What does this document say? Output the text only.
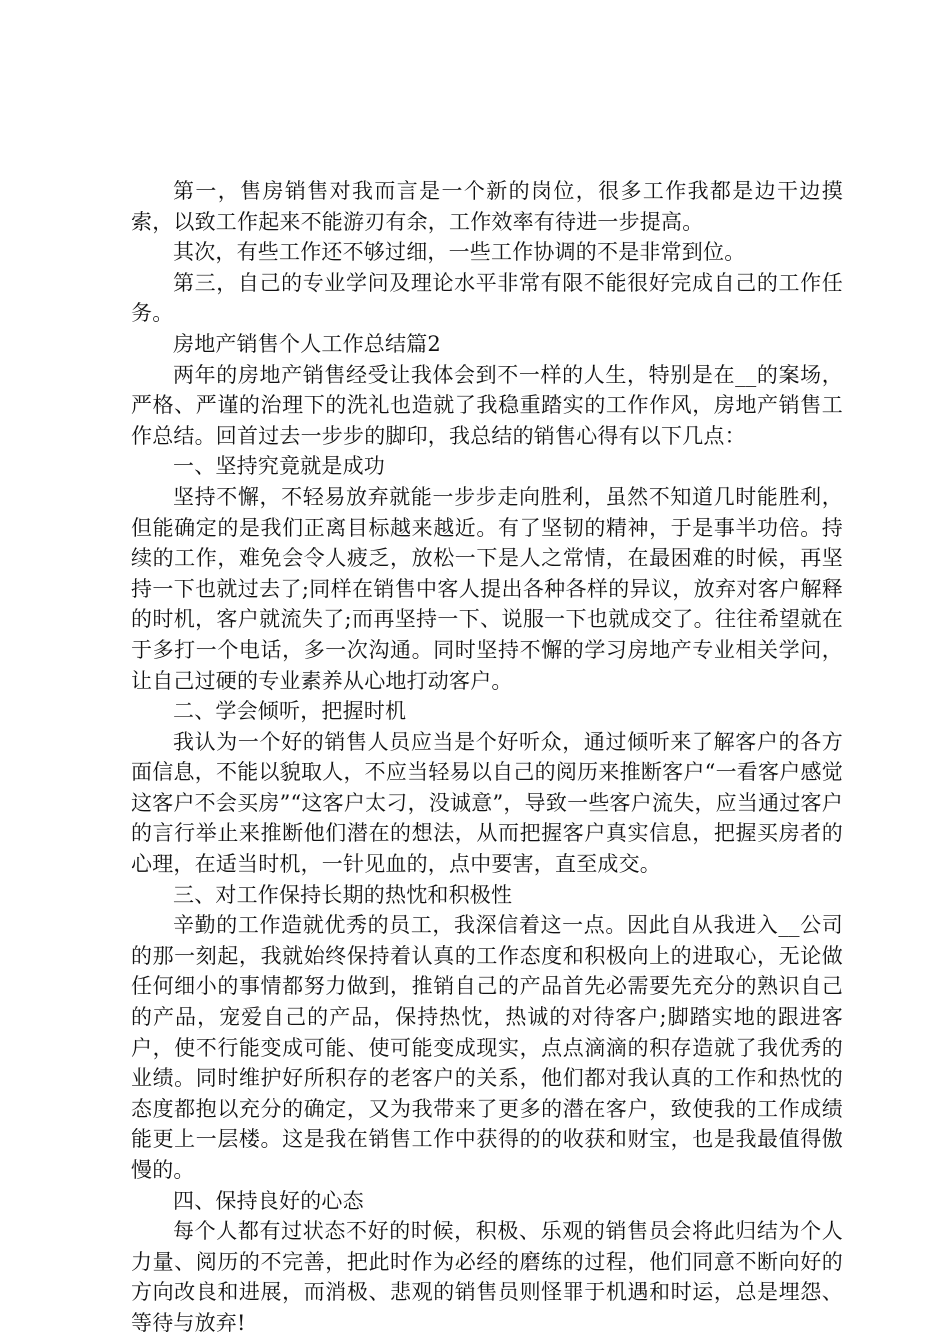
第一，售房销售对我而言是一个新的岗位，很多工作我都是边干边摸索，以致工作起来不能游刃有余，工作效率有待进一步提高。

其次，有些工作还不够过细，一些工作协调的不是非常到位。

第三，自己的专业学问及理论水平非常有限不能很好完成自己的工作任务。

房地产销售个人工作总结篇2

两年的房地产销售经受让我体会到不一样的人生，特别是在__的案场，严格、严谨的治理下的洗礼也造就了我稳重踏实的工作作风，房地产销售工作总结。回首过去一步步的脚印，我总结的销售心得有以下几点：

一、坚持究竟就是成功

坚持不懈，不轻易放弃就能一步步走向胜利，虽然不知道几时能胜利，但能确定的是我们正离目标越来越近。有了坚韧的精神，于是事半功倍。持续的工作，难免会令人疲乏，放松一下是人之常情，在最困难的时候，再坚持一下也就过去了;同样在销售中客人提出各种各样的异议，放弃对客户解释的时机，客户就流失了;而再坚持一下、说服一下也就成交了。往往希望就在于多打一个电话，多一次沟通。同时坚持不懈的学习房地产专业相关学问，让自己过硬的专业素养从心地打动客户。

二、学会倾听，把握时机

我认为一个好的销售人员应当是个好听众，通过倾听来了解客户的各方面信息，不能以貌取人，不应当轻易以自己的阅历来推断客户“一看客户感觉这客户不会买房”“这客户太刁，没诚意”，导致一些客户流失，应当通过客户的言行举止来推断他们潜在的想法，从而把握客户真实信息，把握买房者的心理，在适当时机，一针见血的，点中要害，直至成交。

三、对工作保持长期的热忱和积极性

辛勤的工作造就优秀的员工，我深信着这一点。因此自从我进入__公司的那一刻起，我就始终保持着认真的工作态度和积极向上的进取心，无论做任何细小的事情都努力做到，推销自己的产品首先必需要先充分的熟识自己的产品，宠爱自己的产品，保持热忱，热诚的对待客户;脚踏实地的跟进客户，使不行能变成可能、使可能变成现实，点点滴滴的积存造就了我优秀的业绩。同时维护好所积存的老客户的关系，他们都对我认真的工作和热忱的态度都抱以充分的确定，又为我带来了更多的潜在客户，致使我的工作成绩能更上一层楼。这是我在销售工作中获得的的收获和财宝，也是我最值得傲慢的。

四、保持良好的心态

每个人都有过状态不好的时候，积极、乐观的销售员会将此归结为个人力量、阅历的不完善，把此时作为必经的磨练的过程，他们同意不断向好的方向改良和进展，而消极、悲观的销售员则怪罪于机遇和时运，总是埋怨、等待与放弃!
